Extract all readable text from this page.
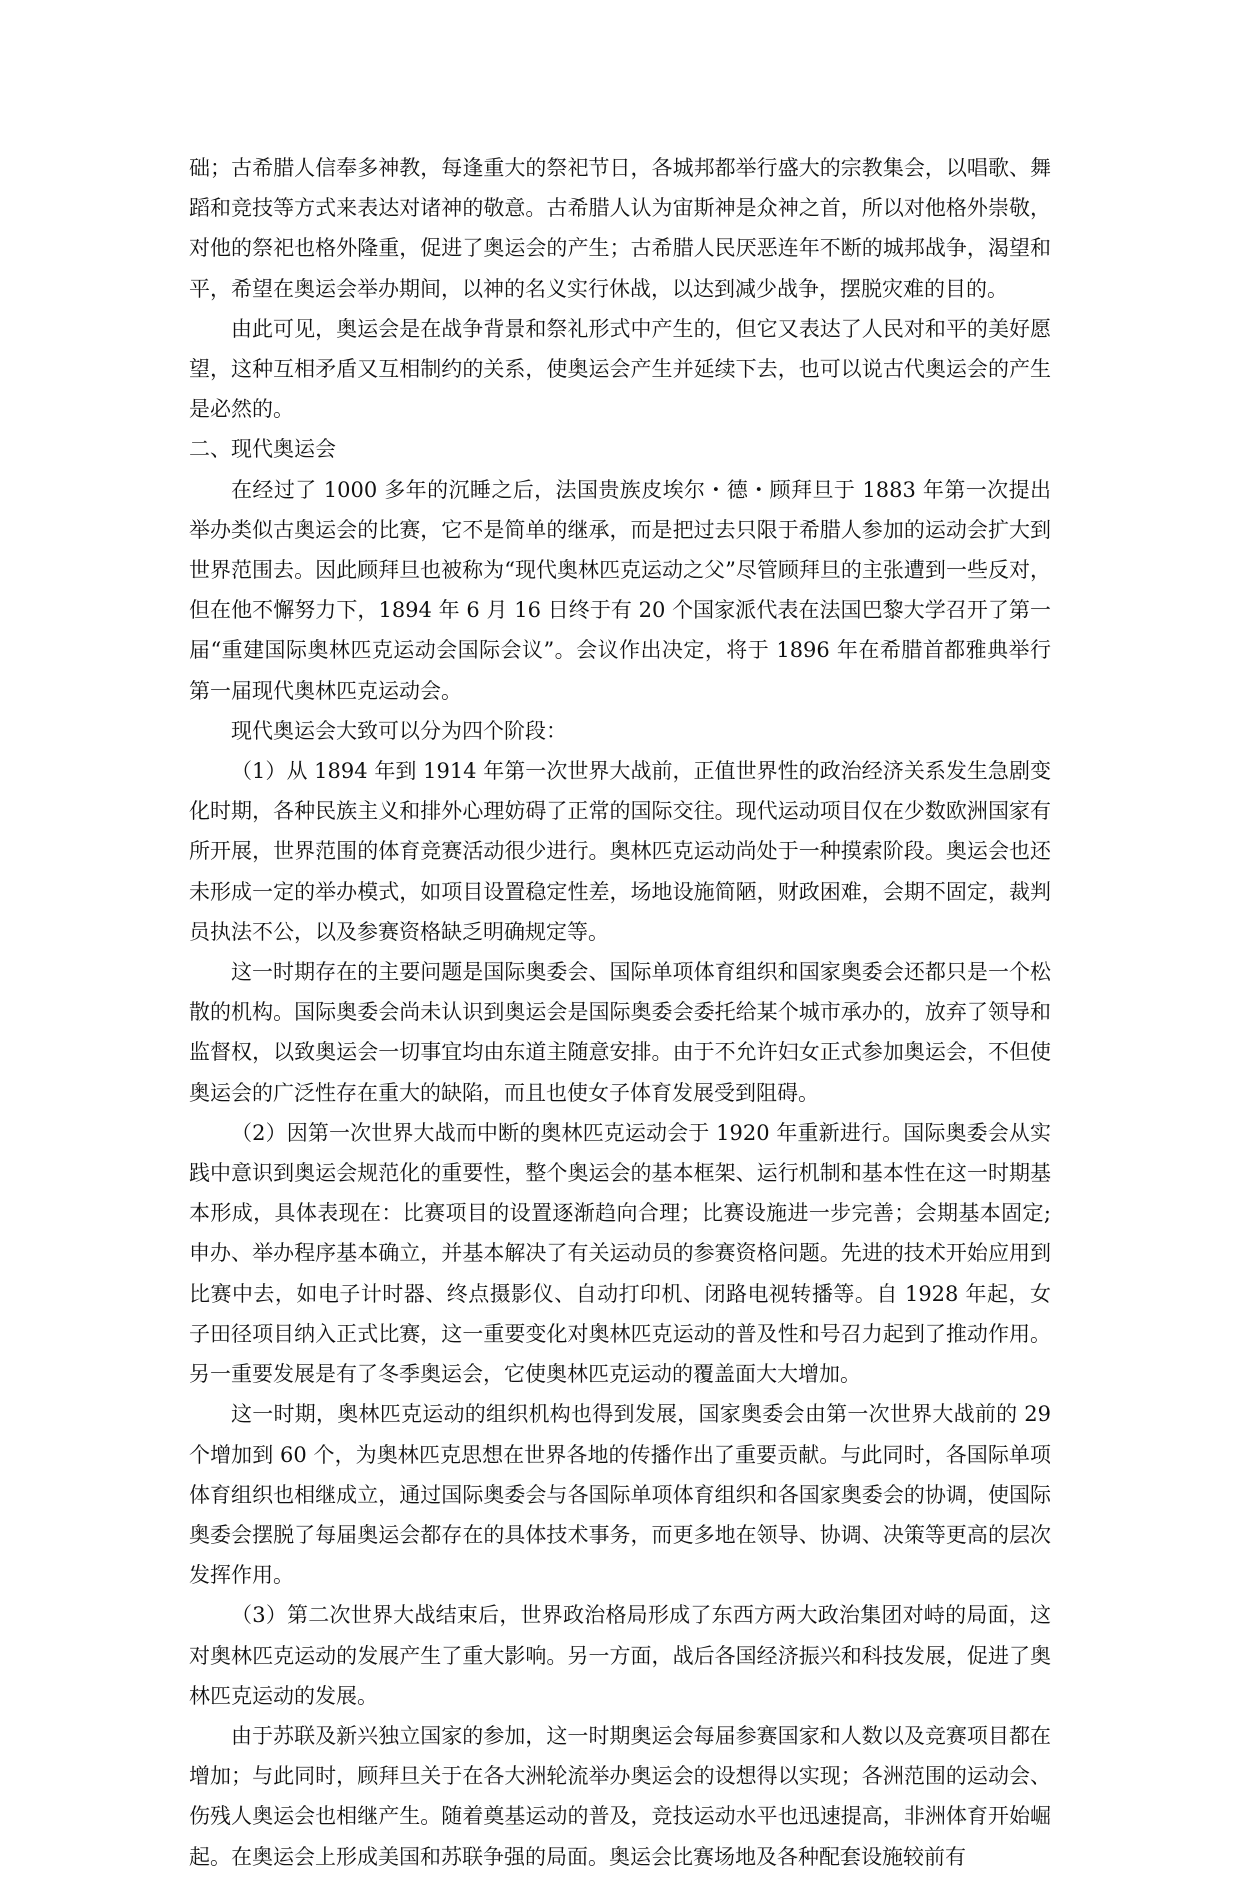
础；古希腊人信奉多神教，每逢重大的祭祀节日，各城邦都举行盛大的宗教集会，以唱歌、舞蹈和竞技等方式来表达对诸神的敬意。古希腊人认为宙斯神是众神之首，所以对他格外崇敬，对他的祭祀也格外隆重，促进了奥运会的产生；古希腊人民厌恶连年不断的城邦战争，渴望和平，希望在奥运会举办期间，以神的名义实行休战，以达到减少战争，摆脱灾难的目的。

由此可见，奥运会是在战争背景和祭礼形式中产生的，但它又表达了人民对和平的美好愿望，这种互相矛盾又互相制约的关系，使奥运会产生并延续下去，也可以说古代奥运会的产生是必然的。

二、现代奥运会

在经过了 1000 多年的沉睡之后，法国贵族皮埃尔・德・顾拜旦于 1883 年第一次提出举办类似古奥运会的比赛，它不是简单的继承，而是把过去只限于希腊人参加的运动会扩大到世界范围去。因此顾拜旦也被称为“现代奥林匹克运动之父”尽管顾拜旦的主张遭到一些反对，但在他不懈努力下，1894 年 6 月 16 日终于有 20 个国家派代表在法国巴黎大学召开了第一届“重建国际奥林匹克运动会国际会议”。会议作出决定，将于 1896 年在希腊首都雅典举行第一届现代奥林匹克运动会。

现代奥运会大致可以分为四个阶段：

（1）从 1894 年到 1914 年第一次世界大战前，正值世界性的政治经济关系发生急剧变化时期，各种民族主义和排外心理妨碍了正常的国际交往。现代运动项目仅在少数欧洲国家有所开展，世界范围的体育竞赛活动很少进行。奥林匹克运动尚处于一种摸索阶段。奥运会也还未形成一定的举办模式，如项目设置稳定性差，场地设施简陋，财政困难，会期不固定，裁判员执法不公，以及参赛资格缺乏明确规定等。

这一时期存在的主要问题是国际奥委会、国际单项体育组织和国家奥委会还都只是一个松散的机构。国际奥委会尚未认识到奥运会是国际奥委会委托给某个城市承办的，放弃了领导和监督权，以致奥运会一切事宜均由东道主随意安排。由于不允许妇女正式参加奥运会，不但使奥运会的广泛性存在重大的缺陷，而且也使女子体育发展受到阻碍。

（2）因第一次世界大战而中断的奥林匹克运动会于 1920 年重新进行。国际奥委会从实践中意识到奥运会规范化的重要性，整个奥运会的基本框架、运行机制和基本性在这一时期基本形成，具体表现在：比赛项目的设置逐渐趋向合理；比赛设施进一步完善；会期基本固定; 申办、举办程序基本确立，并基本解决了有关运动员的参赛资格问题。先进的技术开始应用到比赛中去，如电子计时器、终点摄影仪、自动打印机、闭路电视转播等。自 1928 年起，女子田径项目纳入正式比赛，这一重要变化对奥林匹克运动的普及性和号召力起到了推动作用。另一重要发展是有了冬季奥运会，它使奥林匹克运动的覆盖面大大增加。

这一时期，奥林匹克运动的组织机构也得到发展，国家奥委会由第一次世界大战前的 29 个增加到 60 个，为奥林匹克思想在世界各地的传播作出了重要贡献。与此同时，各国际单项体育组织也相继成立，通过国际奥委会与各国际单项体育组织和各国家奥委会的协调，使国际奥委会摆脱了每届奥运会都存在的具体技术事务，而更多地在领导、协调、决策等更高的层次发挥作用。

（3）第二次世界大战结束后，世界政治格局形成了东西方两大政治集团对峙的局面，这对奥林匹克运动的发展产生了重大影响。另一方面，战后各国经济振兴和科技发展，促进了奥林匹克运动的发展。

由于苏联及新兴独立国家的参加，这一时期奥运会每届参赛国家和人数以及竞赛项目都在增加；与此同时，顾拜旦关于在各大洲轮流举办奥运会的设想得以实现；各洲范围的运动会、伤残人奥运会也相继产生。随着奠基运动的普及，竞技运动水平也迅速提高，非洲体育开始崛起。在奥运会上形成美国和苏联争强的局面。奥运会比赛场地及各种配套设施较前有
